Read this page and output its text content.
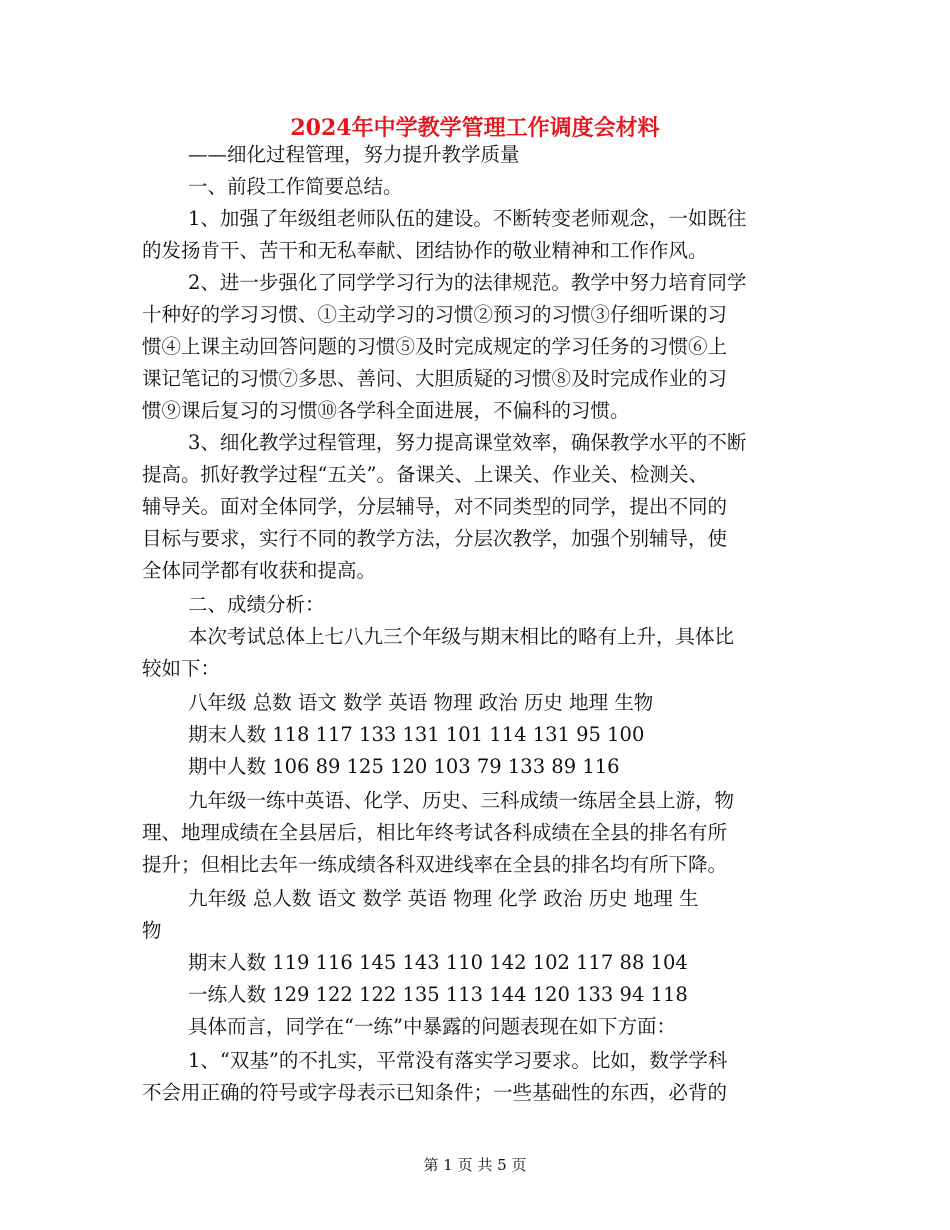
2024年中学教学管理工作调度会材料
——细化过程管理，努力提升教学质量
一、前段工作简要总结。
1、加强了年级组老师队伍的建设。不断转变老师观念，一如既往
的发扬肯干、苦干和无私奉献、团结协作的敬业精神和工作作风。
2、进一步强化了同学学习行为的法律规范。教学中努力培育同学
十种好的学习习惯、①主动学习的习惯②预习的习惯③仔细听课的习
惯④上课主动回答问题的习惯⑤及时完成规定的学习任务的习惯⑥上
课记笔记的习惯⑦多思、善问、大胆质疑的习惯⑧及时完成作业的习
惯⑨课后复习的习惯⑩各学科全面进展，不偏科的习惯。
3、细化教学过程管理，努力提高课堂效率，确保教学水平的不断
提高。抓好教学过程“五关”。备课关、上课关、作业关、检测关、
辅导关。面对全体同学，分层辅导，对不同类型的同学，提出不同的
目标与要求，实行不同的教学方法，分层次教学，加强个别辅导，使
全体同学都有收获和提高。
二、成绩分析：
本次考试总体上七八九三个年级与期末相比的略有上升，具体比
较如下：
八年级 总数 语文 数学 英语 物理 政治 历史 地理 生物
期末人数 118 117 133 131 101 114 131 95 100
期中人数 106 89 125 120 103 79 133 89 116
九年级一练中英语、化学、历史、三科成绩一练居全县上游，物
理、地理成绩在全县居后，相比年终考试各科成绩在全县的排名有所
提升；但相比去年一练成绩各科双进线率在全县的排名均有所下降。
九年级 总人数 语文 数学 英语 物理 化学 政治 历史 地理 生
物
期末人数 119 116 145 143 110 142 102 117 88 104
一练人数 129 122 122 135 113 144 120 133 94 118
具体而言，同学在“一练”中暴露的问题表现在如下方面：
1、“双基”的不扎实，平常没有落实学习要求。比如，数学学科
不会用正确的符号或字母表示已知条件；一些基础性的东西，必背的
第 1 页 共 5 页
